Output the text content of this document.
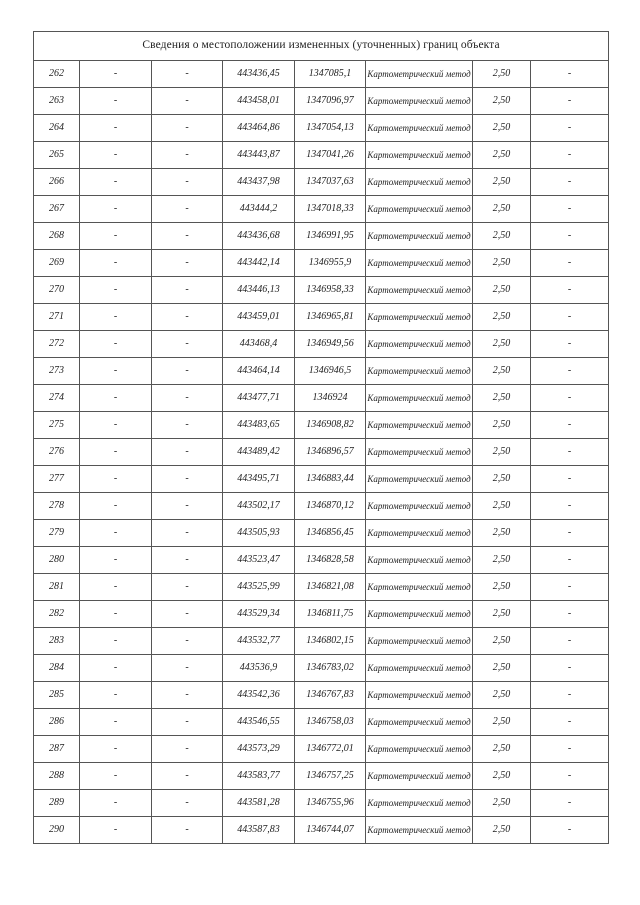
Сведения о местоположении измененных (уточненных) границ объекта							
262	-	-	443436,45	1347085,1	Картометрический метод	2,50	-
263	-	-	443458,01	1347096,97	Картометрический метод	2,50	-
264	-	-	443464,86	1347054,13	Картометрический метод	2,50	-
265	-	-	443443,87	1347041,26	Картометрический метод	2,50	-
266	-	-	443437,98	1347037,63	Картометрический метод	2,50	-
267	-	-	443444,2	1347018,33	Картометрический метод	2,50	-
268	-	-	443436,68	1346991,95	Картометрический метод	2,50	-
269	-	-	443442,14	1346955,9	Картометрический метод	2,50	-
270	-	-	443446,13	1346958,33	Картометрический метод	2,50	-
271	-	-	443459,01	1346965,81	Картометрический метод	2,50	-
272	-	-	443468,4	1346949,56	Картометрический метод	2,50	-
273	-	-	443464,14	1346946,5	Картометрический метод	2,50	-
274	-	-	443477,71	1346924	Картометрический метод	2,50	-
275	-	-	443483,65	1346908,82	Картометрический метод	2,50	-
276	-	-	443489,42	1346896,57	Картометрический метод	2,50	-
277	-	-	443495,71	1346883,44	Картометрический метод	2,50	-
278	-	-	443502,17	1346870,12	Картометрический метод	2,50	-
279	-	-	443505,93	1346856,45	Картометрический метод	2,50	-
280	-	-	443523,47	1346828,58	Картометрический метод	2,50	-
281	-	-	443525,99	1346821,08	Картометрический метод	2,50	-
282	-	-	443529,34	1346811,75	Картометрический метод	2,50	-
283	-	-	443532,77	1346802,15	Картометрический метод	2,50	-
284	-	-	443536,9	1346783,02	Картометрический метод	2,50	-
285	-	-	443542,36	1346767,83	Картометрический метод	2,50	-
286	-	-	443546,55	1346758,03	Картометрический метод	2,50	-
287	-	-	443573,29	1346772,01	Картометрический метод	2,50	-
288	-	-	443583,77	1346757,25	Картометрический метод	2,50	-
289	-	-	443581,28	1346755,96	Картометрический метод	2,50	-
290	-	-	443587,83	1346744,07	Картометрический метод	2,50	-
